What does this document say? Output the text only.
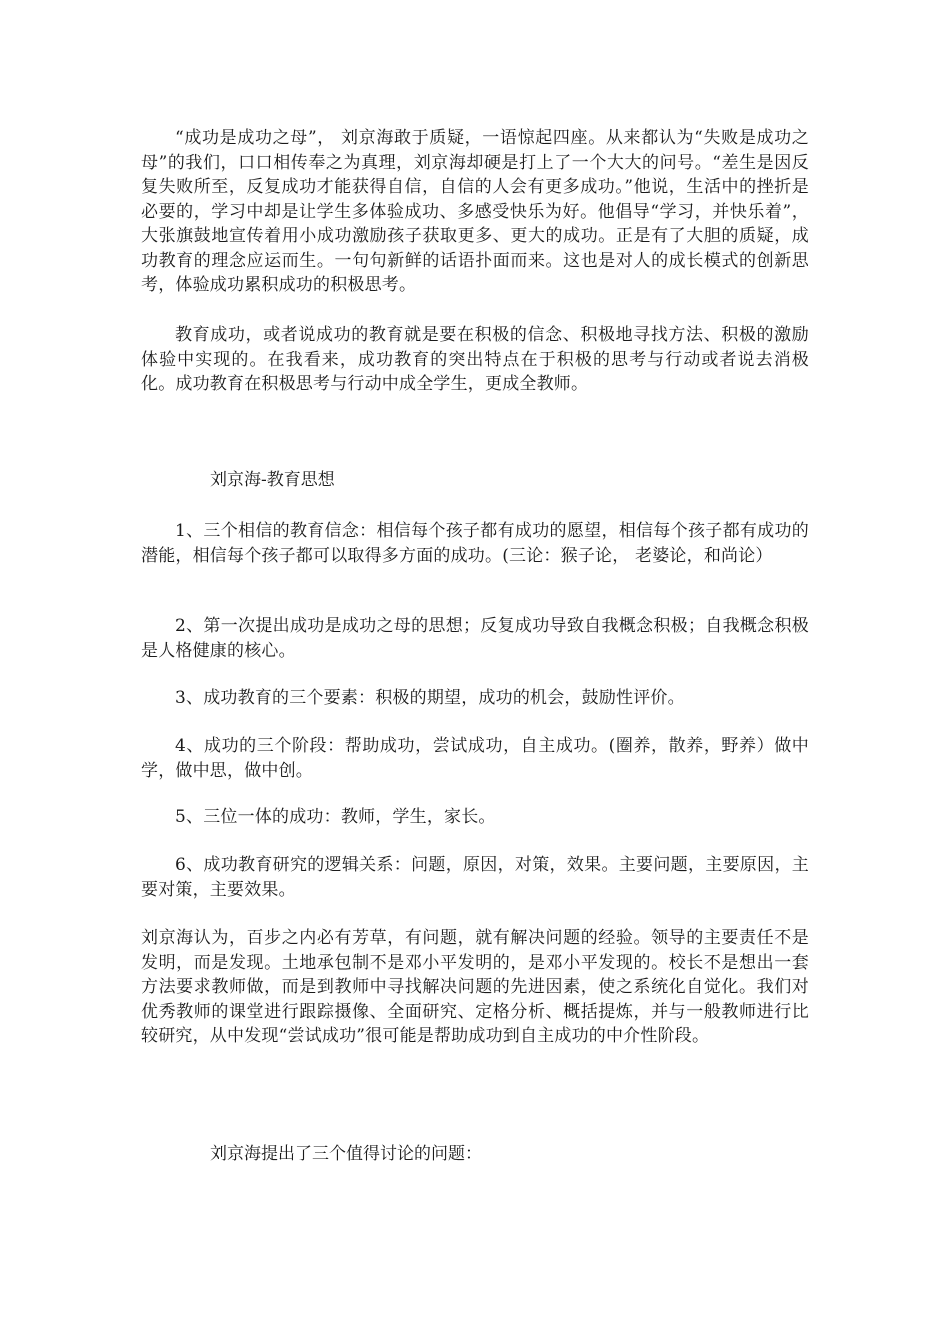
“成功是成功之母”， 刘京海敢于质疑，一语惊起四座。从来都认为“失败是成功之母”的我们，口口相传奉之为真理，刘京海却硬是打上了一个大大的问号。“差生是因反复失败所至，反复成功才能获得自信，自信的人会有更多成功。”他说，生活中的挫折是必要的，学习中却是让学生多体验成功、多感受快乐为好。他倡导“学习，并快乐着”，大张旗鼓地宣传着用小成功激励孩子获取更多、更大的成功。正是有了大胆的质疑，成功教育的理念应运而生。一句句新鲜的话语扑面而来。这也是对人的成长模式的创新思考，体验成功累积成功的积极思考。

教育成功，或者说成功的教育就是要在积极的信念、积极地寻找方法、积极的激励体验中实现的。在我看来，成功教育的突出特点在于积极的思考与行动或者说去消极化。成功教育在积极思考与行动中成全学生，更成全教师。

刘京海-教育思想

1、三个相信的教育信念：相信每个孩子都有成功的愿望，相信每个孩子都有成功的潜能，相信每个孩子都可以取得多方面的成功。(三论：猴子论， 老婆论，和尚论）

2、第一次提出成功是成功之母的思想；反复成功导致自我概念积极；自我概念积极是人格健康的核心。

3、成功教育的三个要素：积极的期望，成功的机会，鼓励性评价。

4、成功的三个阶段：帮助成功，尝试成功，自主成功。(圈养，散养，野养）做中学，做中思，做中创。

5、三位一体的成功：教师，学生，家长。

6、成功教育研究的逻辑关系：问题，原因，对策，效果。主要问题，主要原因，主要对策，主要效果。

刘京海认为，百步之内必有芳草，有问题，就有解决问题的经验。领导的主要责任不是发明，而是发现。土地承包制不是邓小平发明的，是邓小平发现的。校长不是想出一套方法要求教师做，而是到教师中寻找解决问题的先进因素，使之系统化自觉化。我们对优秀教师的课堂进行跟踪摄像、全面研究、定格分析、概括提炼，并与一般教师进行比较研究，从中发现“尝试成功”很可能是帮助成功到自主成功的中介性阶段。

刘京海提出了三个值得讨论的问题：
